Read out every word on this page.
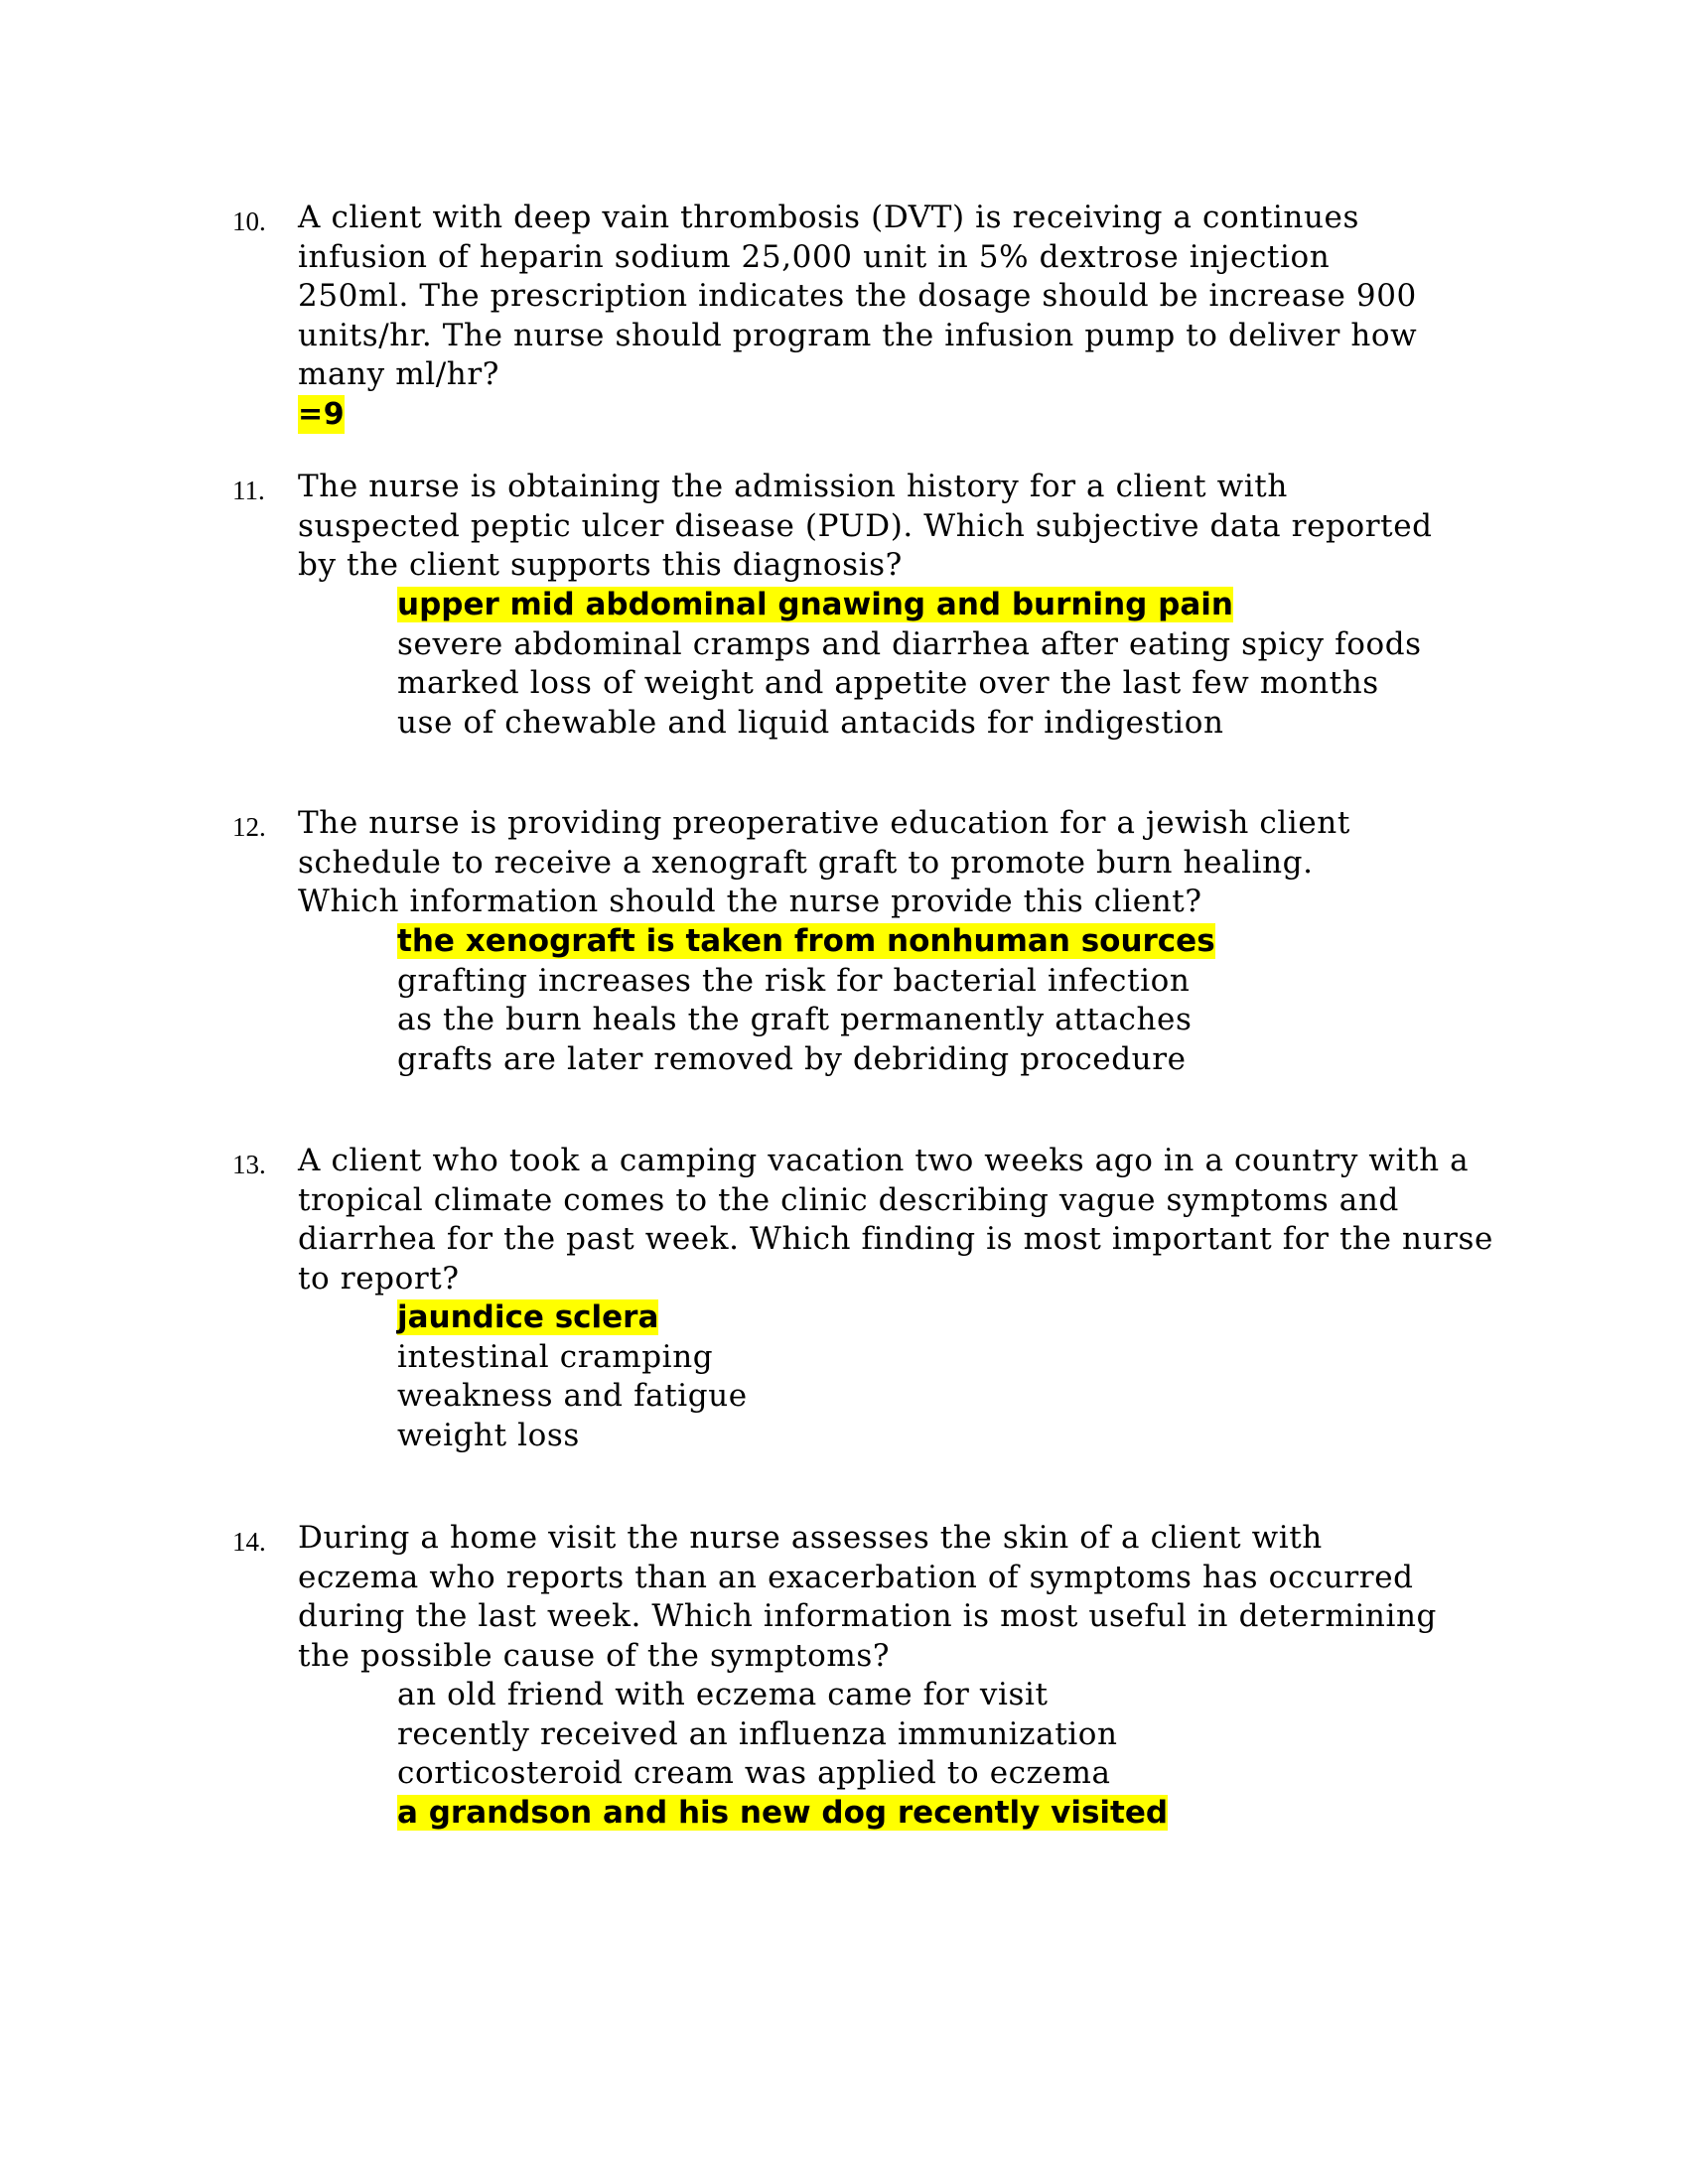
10. A client with deep vain thrombosis (DVT) is receiving a continues
infusion of heparin sodium 25,000 unit in 5% dextrose injection
250ml. The prescription indicates the dosage should be increase 900
units/hr. The nurse should program the infusion pump to deliver how
many ml/hr?
=9
11. The nurse is obtaining the admission history for a client with
suspected peptic ulcer disease (PUD). Which subjective data reported
by the client supports this diagnosis?
upper mid abdominal gnawing and burning pain
severe abdominal cramps and diarrhea after eating spicy foods
marked loss of weight and appetite over the last few months
use of chewable and liquid antacids for indigestion
12. The nurse is providing preoperative education for a jewish client
schedule to receive a xenograft graft to promote burn healing.
Which information should the nurse provide this client?
the xenograft is taken from nonhuman sources
grafting increases the risk for bacterial infection
as the burn heals the graft permanently attaches
grafts are later removed by debriding procedure
13. A client who took a camping vacation two weeks ago in a country with a
tropical climate comes to the clinic describing vague symptoms and
diarrhea for the past week. Which finding is most important for the nurse
to report?
jaundice sclera
intestinal cramping
weakness and fatigue
weight loss
14. During a home visit the nurse assesses the skin of a client with
eczema who reports than an exacerbation of symptoms has occurred
during the last week. Which information is most useful in determining
the possible cause of the symptoms?
an old friend with eczema came for visit
recently received an influenza immunization
corticosteroid cream was applied to eczema
a grandson and his new dog recently visited
